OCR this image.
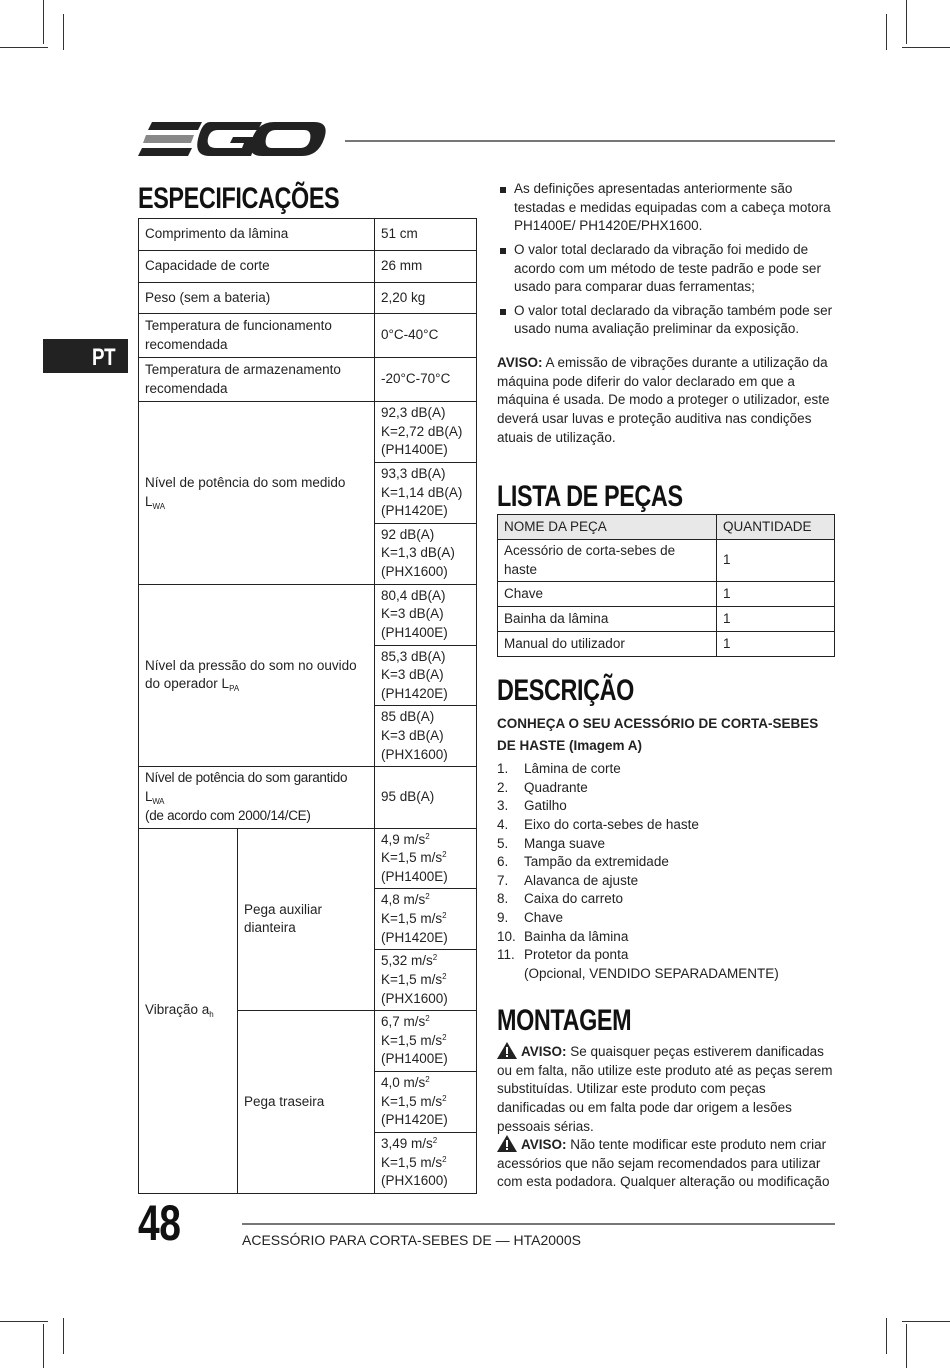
PT
ESPECIFICAÇÕES
Comprimento da lâmina		51 cm
Capacidade de corte		26 mm
Peso (sem a bateria)		2,20 kg
Temperatura de funcionamento recomendada		0°C-40°C
Temperatura de armazenamento recomendada		-20°C-70°C
Nível de potência do som medido $L_{WA}$		92,3 dB(A)
K=2,72 dB(A)
(PH1400E)

		93,3 dB(A)
K=1,14 dB(A)
(PH1420E)

		92 dB(A)
K=1,3 dB(A)
(PHX1600)

Nível da pressão do som no ouvido do operador $L_{PA}$		80,4 dB(A)
K=3 dB(A)
(PH1400E)

		85,3 dB(A)
K=3 dB(A)
(PH1420E)

		85 dB(A)
K=3 dB(A)
(PHX1600)

Nível de potência do som garantido $L_{WA}$
(de acordo com 2000/14/CE)		95 dB(A)
Vibração $a_h$	Pega auxiliar dianteira	4,9 $m/s^2$
K=1,5 $m/s^2$
(PH1400E)

		4,8 $m/s^2$
K=1,5 $m/s^2$
(PH1420E)

		5,32 $m/s^2$
K=1,5 $m/s^2$
(PHX1600)

	Pega traseira	6,7 $m/s^2$
K=1,5 $m/s^2$
(PH1400E)

		4,0 $m/s^2$
K=1,5 $m/s^2$
(PH1420E)

		3,49 $m/s^2$
K=1,5 $m/s^2$
(PHX1600)
As definições apresentadas anteriormente são testadas e medidas equipadas com a cabeça motora PH1400E/ PH1420E/PHX1600.
O valor total declarado da vibração foi medido de acordo com um método de teste padrão e pode ser usado para comparar duas ferramentas;
O valor total declarado da vibração também pode ser usado numa avaliação preliminar da exposição.
AVISO: A emissão de vibrações durante a utilização da máquina pode diferir do valor declarado em que a máquina é usada. De modo a proteger o utilizador, este deverá usar luvas e proteção auditiva nas condições atuais de utilização.
LISTA DE PEÇAS
NOME DA PEÇA	QUANTIDADE
Acessório de corta-sebes de haste	1
Chave	1
Bainha da lâmina	1
Manual do utilizador	1
DESCRIÇÃO
CONHEÇA O SEU ACESSÓRIO DE CORTA-SEBES DE HASTE (Imagem A)
1.	Lâmina de corte
2.	Quadrante
3.	Gatilho
4.	Eixo do corta-sebes de haste
5.	Manga suave
6.	Tampão da extremidade
7.	Alavanca de ajuste
8.	Caixa do carreto
9.	Chave
10. Bainha da lâmina
11. Protetor da ponta
(Opcional, VENDIDO SEPARADAMENTE)
MONTAGEM
AVISO: Se quaisquer peças estiverem danificadas ou em falta, não utilize este produto até as peças serem substituídas. Utilizar este produto com peças danificadas ou em falta pode dar origem a lesões pessoais sérias.
AVISO: Não tente modificar este produto nem criar acessórios que não sejam recomendados para utilizar com esta podadora. Qualquer alteração ou modificação
48	ACESSÓRIO PARA CORTA-SEBES DE — HTA2000S
